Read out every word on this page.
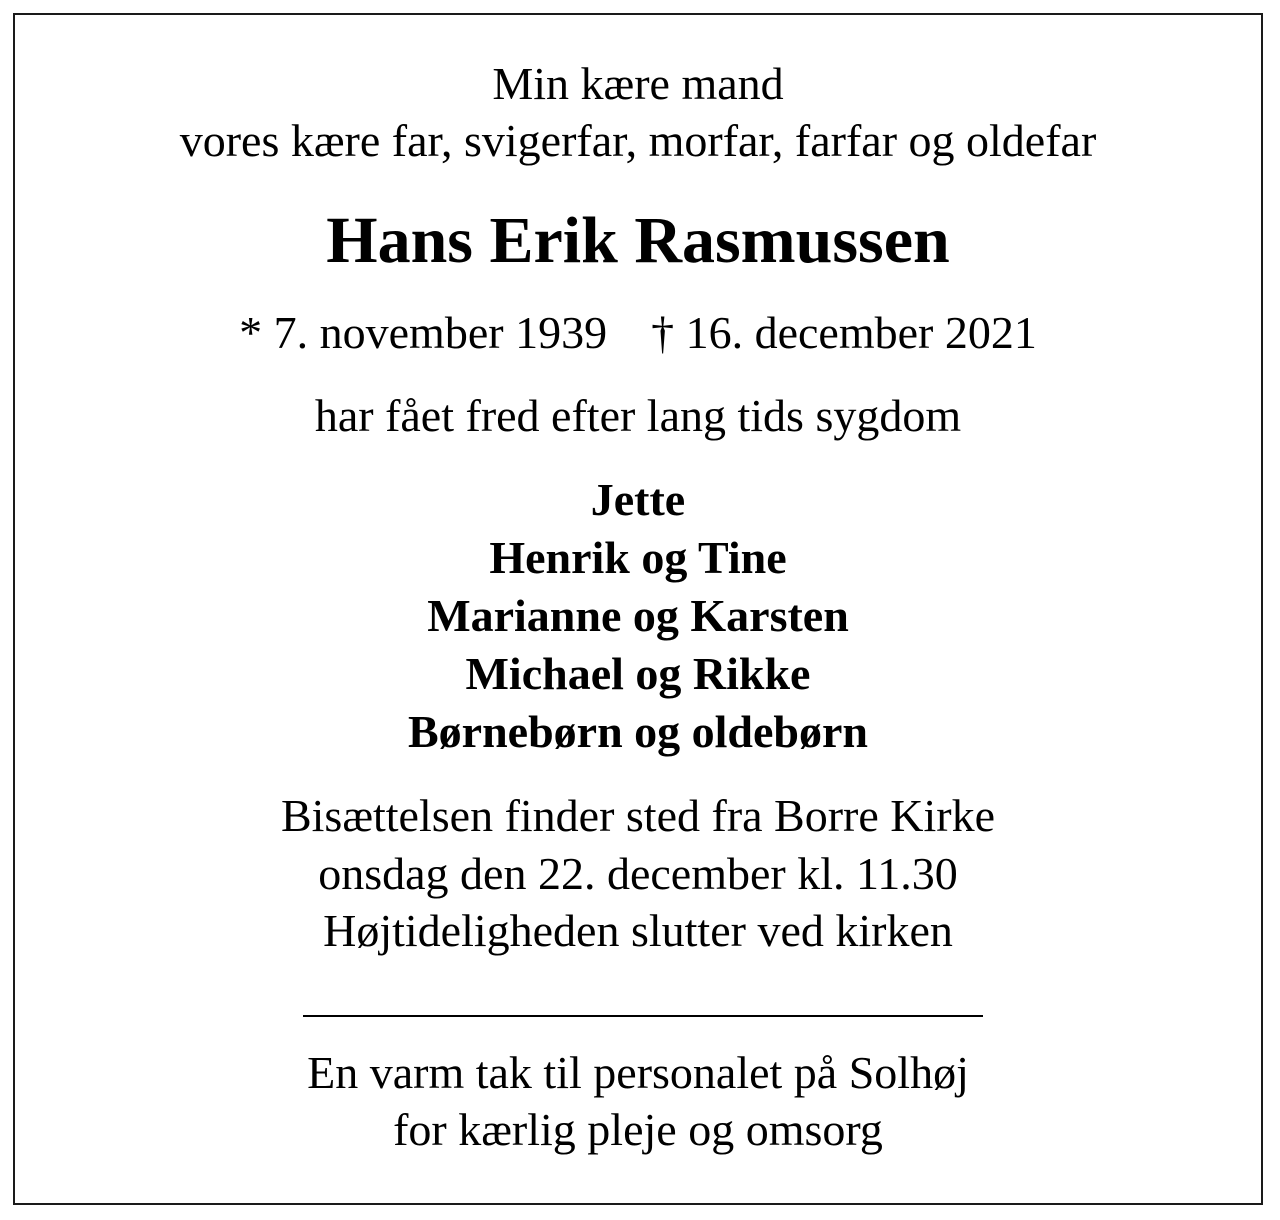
Min kære mand
vores kære far, svigerfar, morfar, farfar og oldefar
Hans Erik Rasmussen
* 7. november 1939 † 16. december 2021
har fået fred efter lang tids sygdom
Jette
Henrik og Tine
Marianne og Karsten
Michael og Rikke
Børnebørn og oldebørn
Bisættelsen finder sted fra Borre Kirke
onsdag den 22. december kl. 11.30
Højtideligheden slutter ved kirken
En varm tak til personalet på Solhøj
for kærlig pleje og omsorg
